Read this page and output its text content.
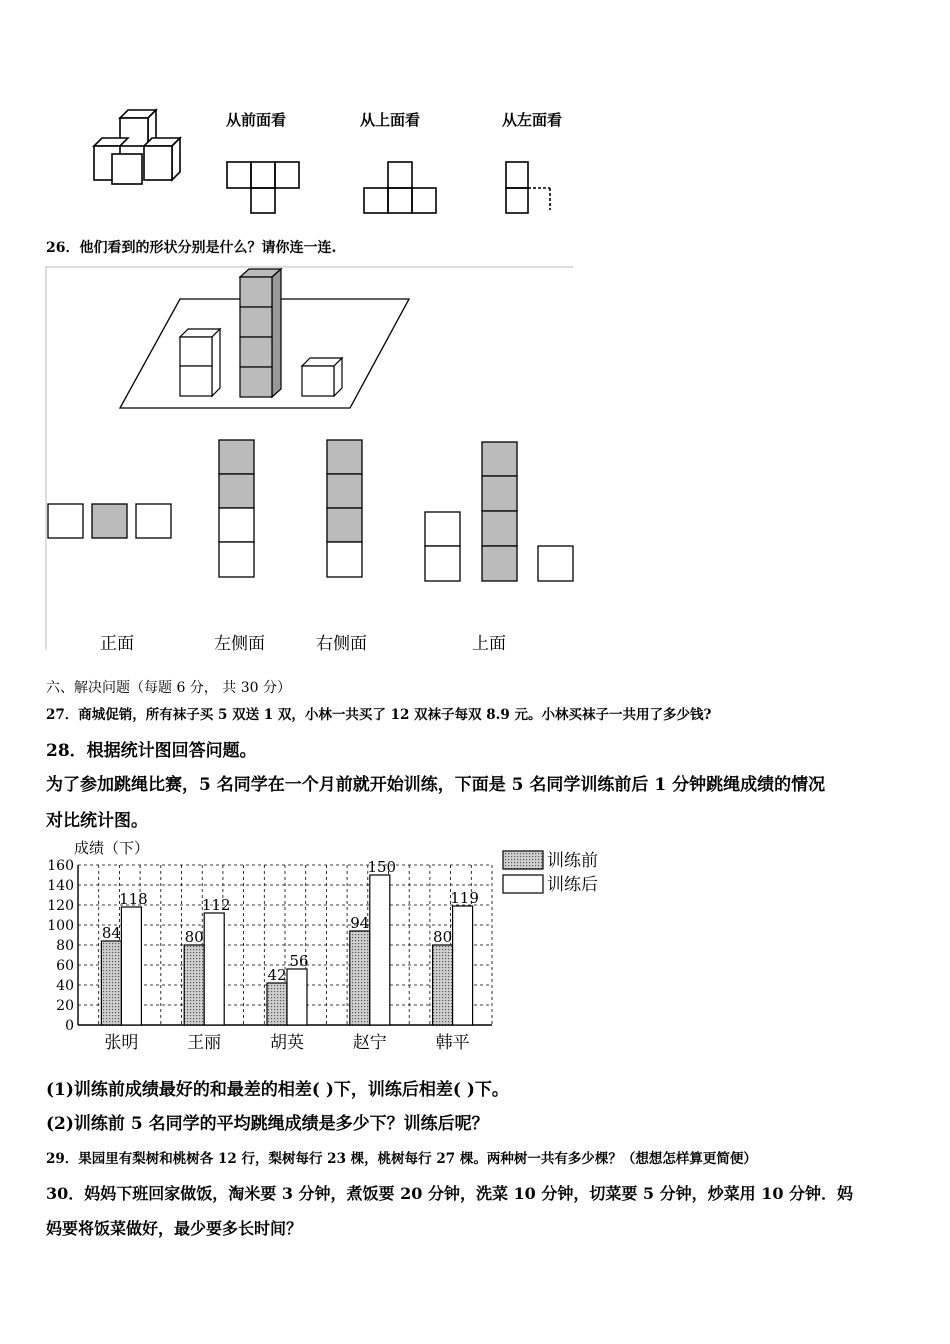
从前面看	从上面看	从左面看
26．他们看到的形状分别是什么？请你连一连.
正面	左侧面	右侧面	上面
六、解决问题（每题 6 分， 共 30 分）
27．商城促销，所有袜子买 5 双送 1 双，小林一共买了 12 双袜子每双 8.9 元。小林买袜子一共用了多少钱?
28．根据统计图回答问题。
为了参加跳绳比赛，5 名同学在一个月前就开始训练，下面是 5 名同学训练前后 1 分钟跳绳成绩的情况
对比统计图。
成绩（下）
0
20
40
60
80
100
120
140
160
84
118
80
112
42
56
94
150
80
119
张明	王丽	胡英	赵宁	韩平
训练前
训练后
(1)训练前成绩最好的和最差的相差( )下，训练后相差( )下。
(2)训练前 5 名同学的平均跳绳成绩是多少下？训练后呢？
29．果园里有梨树和桃树各 12 行，梨树每行 23 棵，桃树每行 27 棵。两种树一共有多少棵？（想想怎样算更简便）
30．妈妈下班回家做饭，淘米要 3 分钟，煮饭要 20 分钟，洗菜 10 分钟，切菜要 5 分钟，炒菜用 10 分钟．妈
妈要将饭菜做好，最少要多长时间？
